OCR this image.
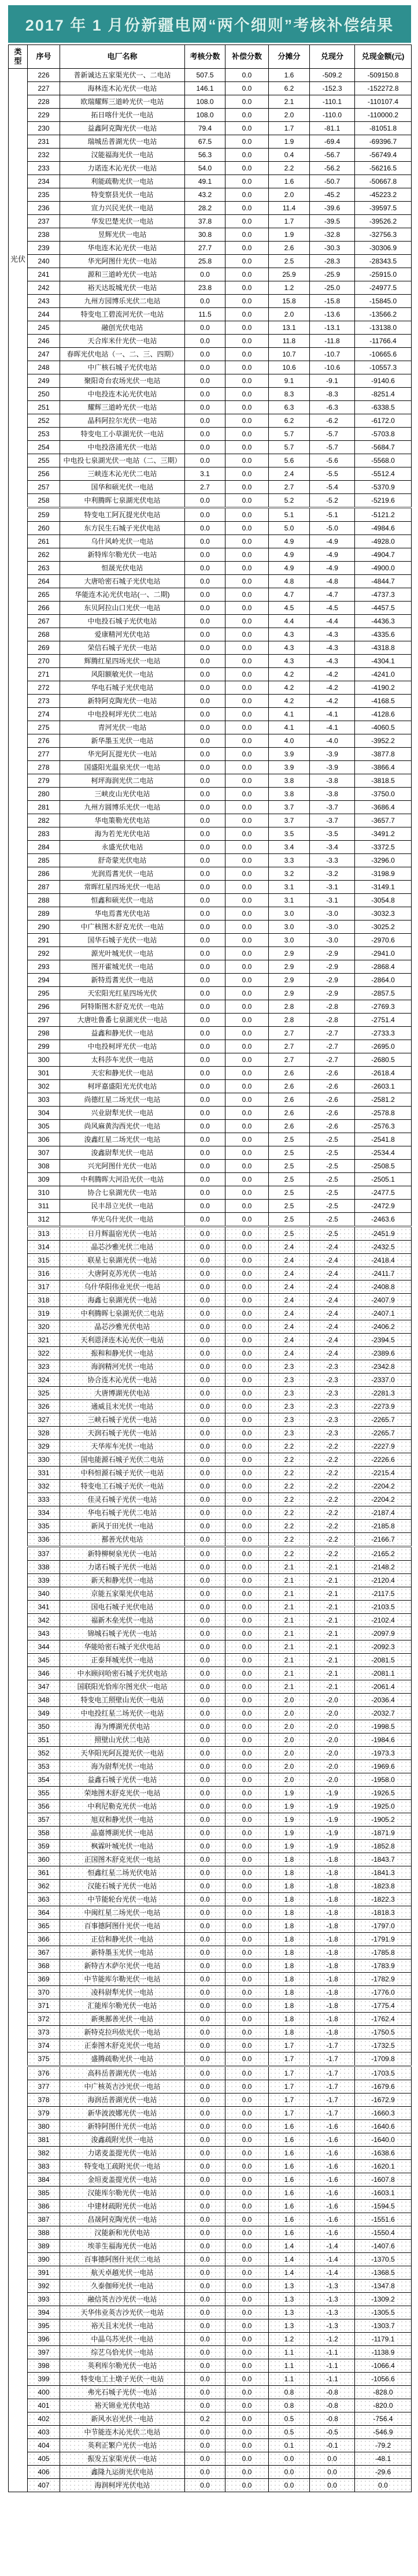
2017 年 1 月份新疆电网“两个细则”考核补偿结果
类型	序号	电厂名称	考核分数	补偿分数	分摊分	兑现分	兑现金额(元)
光伏	226	普新诚达五家渠光伏一、二电站	507.5	0.0	1.6	-509.2	-509150.8
	227	海林连木沁光伏一电站	146.1	0.0	6.2	-152.3	-152272.8
	228	欧瑞耀辉三道岭光伏一电站	108.0	0.0	2.1	-110.1	-110107.4
	229	拓日喀什光伏一电站	108.0	0.0	2.0	-110.0	-110000.2
	230	益鑫阿克陶光伏一电站	79.4	0.0	1.7	-81.1	-81051.8
	231	瑞城岳普湖光伏一电站	67.5	0.0	1.9	-69.4	-69396.7
	232	汉能福海光伏一电站	56.3	0.0	0.4	-56.7	-56749.4
	233	力诺连木沁光伏一电站	54.0	0.0	2.2	-56.2	-56216.5
	234	利能疏勒光伏一电站	49.1	0.0	1.6	-50.7	-50667.8
	235	特变察县光伏一电站	43.2	0.0	2.0	-45.2	-45223.2
	236	宣力兴民光伏一电站	28.2	0.0	11.4	-39.6	-39597.5
	237	华发巴楚光伏一电站	37.8	0.0	1.7	-39.5	-39526.2
	238	昱辉光伏一电站	30.8	0.0	1.9	-32.8	-32756.3
	239	华电连木沁光伏一电站	27.7	0.0	2.6	-30.3	-30306.9
	240	华光阿图什光伏一电站	25.8	0.0	2.5	-28.3	-28343.5
	241	源和三道岭光伏一电站	0.0	0.0	25.9	-25.9	-25915.0
	242	裕天达坂城光伏一电站	23.8	0.0	1.2	-25.0	-24977.5
	243	九州方园博乐光伏二电站	0.0	0.0	15.8	-15.8	-15845.0
	244	特变电工碧流河光伏一电站	11.5	0.0	2.0	-13.6	-13566.2
	245	融创光伏电站	0.0	0.0	13.1	-13.1	-13138.0
	246	天合库米什光伏一电站	0.0	0.0	11.8	-11.8	-11766.4
	247	春晖光伏电站（一、二、三、四期）	0.0	0.0	10.7	-10.7	-10665.6
	248	中广核石城子光伏电站	0.0	0.0	10.6	-10.6	-10557.3
	249	聚阳奇台农场光伏一电站	0.0	0.0	9.1	-9.1	-9140.6
	250	中电投连木沁光伏电站	0.0	0.0	8.3	-8.3	-8251.4
	251	耀辉三道岭光伏一电站	0.0	0.0	6.3	-6.3	-6338.5
	252	晶科阿拉尔光伏一电站	0.0	0.0	6.2	-6.2	-6172.0
	253	特变电工小草湖光伏一电站	0.0	0.0	5.7	-5.7	-5703.8
	254	中电投洛浦光伏一电站	0.0	0.0	5.7	-5.7	-5684.7
	255	中电投七泉湖光伏一电站（二、三期）	0.0	0.0	5.6	-5.6	-5568.0
	256	三峡连木沁光伏二电站	3.1	0.0	2.4	-5.5	-5512.4
	257	国华和硕光伏一电站	2.7	0.0	2.7	-5.4	-5370.9
	258	中利腾晖七泉湖光伏电站	0.0	0.0	5.2	-5.2	-5219.6
	259	特变电工阿瓦提光伏电站	0.0	0.0	5.1	-5.1	-5121.2
	260	东方民生石城子光伏电站	0.0	0.0	5.0	-5.0	-4984.6
	261	乌什风岭光伏一电站	0.0	0.0	4.9	-4.9	-4928.0
	262	新特库尔勒光伏一电站	0.0	0.0	4.9	-4.9	-4904.7
	263	恒晟光伏电站	0.0	0.0	4.9	-4.9	-4900.0
	264	大唐哈密石城子光伏电站	0.0	0.0	4.8	-4.8	-4844.7
	265	华能连木沁光伏电站(一、二期)	0.0	0.0	4.7	-4.7	-4737.3
	266	东贝阿拉山口光伏一电站	0.0	0.0	4.5	-4.5	-4457.5
	267	中电投石城子光伏电站	0.0	0.0	4.4	-4.4	-4436.3
	268	爱康精河光伏电站	0.0	0.0	4.3	-4.3	-4335.6
	269	荣信石城子光伏一电站	0.0	0.0	4.3	-4.3	-4318.8
	270	辉腾红星四场光伏一电站	0.0	0.0	4.3	-4.3	-4304.1
	271	风阳额敏光伏一电站	0.0	0.0	4.2	-4.2	-4241.0
	272	华电石城子光伏电站	0.0	0.0	4.2	-4.2	-4190.2
	273	新特阿克陶光伏一电站	0.0	0.0	4.2	-4.2	-4168.5
	274	中电投柯坪光伏二电站	0.0	0.0	4.1	-4.1	-4128.6
	275	青河光伏一电站	0.0	0.0	4.1	-4.1	-4060.5
	276	新华墨玉光伏一电站	0.0	0.0	4.0	-4.0	-3952.2
	277	华光阿瓦提光伏一电站	0.0	0.0	3.9	-3.9	-3877.8
	278	国盛阳光温泉光伏一电站	0.0	0.0	3.9	-3.9	-3866.4
	279	柯坪海润光伏二电站	0.0	0.0	3.8	-3.8	-3818.5
	280	三峡皮山光伏电站	0.0	0.0	3.8	-3.8	-3750.0
	281	九州方圆博乐光伏一电站	0.0	0.0	3.7	-3.7	-3686.4
	282	华电策勒光伏电站	0.0	0.0	3.7	-3.7	-3657.7
	283	海为若羌光伏电站	0.0	0.0	3.5	-3.5	-3491.2
	284	永盛光伏电站	0.0	0.0	3.4	-3.4	-3372.5
	285	舒奇蒙光伏电站	0.0	0.0	3.3	-3.3	-3296.0
	286	光润焉耆光伏一电站	0.0	0.0	3.2	-3.2	-3198.9
	287	常晖红星四场光伏一电站	0.0	0.0	3.1	-3.1	-3149.1
	288	恒鑫和硕光伏一电站	0.0	0.0	3.1	-3.1	-3054.8
	289	华电焉耆光伏电站	0.0	0.0	3.0	-3.0	-3032.3
	290	中广核图木舒克光伏一电站	0.0	0.0	3.0	-3.0	-3025.2
	291	国华石城子光伏一电站	0.0	0.0	3.0	-3.0	-2970.6
	292	源光叶城光伏一电站	0.0	0.0	2.9	-2.9	-2941.0
	293	图开霍城光伏一电站	0.0	0.0	2.9	-2.9	-2868.4
	294	新特焉耆光伏一电站	0.0	0.0	2.9	-2.9	-2864.0
	295	天宏阳光红星四场光伏	0.0	0.0	2.9	-2.9	-2857.5
	296	阿特斯图木舒克光伏一电站	0.0	0.0	2.8	-2.8	-2769.3
	297	大唐吐鲁番七泉湖光伏一电站	0.0	0.0	2.8	-2.8	-2751.4
	298	益鑫和静光伏一电站	0.0	0.0	2.7	-2.7	-2733.3
	299	中电投柯坪光伏一电站	0.0	0.0	2.7	-2.7	-2695.0
	300	太科莎车光伏一电站	0.0	0.0	2.7	-2.7	-2680.5
	301	天宏和静光伏一电站	0.0	0.0	2.6	-2.6	-2618.4
	302	柯坪嘉盛阳光光伏电站	0.0	0.0	2.6	-2.6	-2603.1
	303	尚德红星二场光伏一电站	0.0	0.0	2.6	-2.6	-2581.2
	304	兴业尉犁光伏一电站	0.0	0.0	2.6	-2.6	-2578.8
	305	尚风麻黄沟西光伏一电站	0.0	0.0	2.6	-2.6	-2576.3
	306	浚鑫红星二场光伏一电站	0.0	0.0	2.5	-2.5	-2541.8
	307	浚鑫尉犁光伏一电站	0.0	0.0	2.5	-2.5	-2534.4
	308	兴光阿图什光伏一电站	0.0	0.0	2.5	-2.5	-2508.5
	309	中利腾晖大河沿光伏一电站	0.0	0.0	2.5	-2.5	-2505.1
	310	协合七泉湖光伏一电站	0.0	0.0	2.5	-2.5	-2477.5
	311	民丰昂立光伏一电站	0.0	0.0	2.5	-2.5	-2472.9
	312	华光乌什光伏一电站	0.0	0.0	2.5	-2.5	-2463.6
	313	日月辉温宿光伏一电站	0.0	0.0	2.5	-2.5	-2451.9
	314	晶芯沙雅光伏二电站	0.0	0.0	2.4	-2.4	-2432.5
	315	联星七泉湖光伏一电站	0.0	0.0	2.4	-2.4	-2418.4
	316	大唐阿克苏光伏一电站	0.0	0.0	2.4	-2.4	-2411.7
	317	乌什华阳伟业光伏一电站	0.0	0.0	2.4	-2.4	-2408.8
	318	海鑫七泉湖光伏一电站	0.0	0.0	2.4	-2.4	-2407.9
	319	中利腾晖七泉湖光伏二电站	0.0	0.0	2.4	-2.4	-2407.1
	320	晶芯沙雅光伏电站	0.0	0.0	2.4	-2.4	-2406.2
	321	天利恩泽连木沁光伏一电站	0.0	0.0	2.4	-2.4	-2394.5
	322	振和和静光伏一电站	0.0	0.0	2.4	-2.4	-2389.6
	323	海润精河光伏一电站	0.0	0.0	2.3	-2.3	-2342.8
	324	协合连木沁光伏一电站	0.0	0.0	2.3	-2.3	-2337.0
	325	大唐博湖光伏电站	0.0	0.0	2.3	-2.3	-2281.3
	326	通威且末光伏一电站	0.0	0.0	2.3	-2.3	-2273.9
	327	三峡石城子光伏一电站	0.0	0.0	2.3	-2.3	-2265.7
	328	天润石城子光伏一电站	0.0	0.0	2.3	-2.3	-2265.7
	329	天华库车光伏一电站	0.0	0.0	2.2	-2.2	-2227.9
	330	国电能源石城子光伏二电站	0.0	0.0	2.2	-2.2	-2226.6
	331	中科恒源石城子光伏一电站	0.0	0.0	2.2	-2.2	-2215.4
	332	特变电工石城子光伏一电站	0.0	0.0	2.2	-2.2	-2204.2
	333	佳灵石城子光伏一电站	0.0	0.0	2.2	-2.2	-2204.2
	334	华电石城子光伏二电站	0.0	0.0	2.2	-2.2	-2187.4
	335	新风于田光伏一电站	0.0	0.0	2.2	-2.2	-2185.8
	336	鄯善光伏电站	0.0	0.0	2.2	-2.2	-2166.7
	337	新特柳树泉光伏一电站	0.0	0.0	2.2	-2.2	-2165.2
	338	力诺石城子光伏一电站	0.0	0.0	2.1	-2.1	-2148.2
	339	新天和静光伏一电站	0.0	0.0	2.1	-2.1	-2120.4
	340	京能五家渠光伏电站	0.0	0.0	2.1	-2.1	-2117.5
	341	国电石城子光伏电站	0.0	0.0	2.1	-2.1	-2103.5
	342	福新木垒光伏一电站	0.0	0.0	2.1	-2.1	-2102.4
	343	锦城石城子光伏一电站	0.0	0.0	2.1	-2.1	-2097.9
	344	华能哈密石城子光伏电站	0.0	0.0	2.1	-2.1	-2092.3
	345	正泰拜城光伏一电站	0.0	0.0	2.1	-2.1	-2081.5
	346	中水顾问哈密石城子光伏电站	0.0	0.0	2.1	-2.1	-2081.1
	347	国联阳光恰库尔图光伏一电站	0.0	0.0	2.1	-2.1	-2061.4
	348	特变电工照壁山光伏一电站	0.0	0.0	2.0	-2.0	-2036.4
	349	中电投红星二场光伏一电站	0.0	0.0	2.0	-2.0	-2032.7
	350	海为博湖光伏电站	0.0	0.0	2.0	-2.0	-1998.5
	351	照壁山光伏二电站	0.0	0.0	2.0	-2.0	-1984.6
	352	天华阳光阿瓦提光伏一电站	0.0	0.0	2.0	-2.0	-1973.3
	353	海为尉犁光伏一电站	0.0	0.0	2.0	-2.0	-1969.6
	354	益鑫石城子光伏一电站	0.0	0.0	2.0	-2.0	-1958.0
	355	荣地图木舒克光伏一电站	0.0	0.0	1.9	-1.9	-1926.5
	356	中利尼勒克光伏一电站	0.0	0.0	1.9	-1.9	-1925.0
	357	旭双和静光伏一电站	0.0	0.0	1.9	-1.9	-1905.2
	358	晶嘉博湖光伏一电站	0.0	0.0	1.9	-1.9	-1871.9
	359	枫霖叶城光伏一电站	0.0	0.0	1.9	-1.9	-1852.8
	360	正国图木舒克光伏一电站	0.0	0.0	1.8	-1.8	-1843.7
	361	恒鑫红星二场光伏电站	0.0	0.0	1.8	-1.8	-1841.3
	362	汉能石城子光伏一电站	0.0	0.0	1.8	-1.8	-1823.8
	363	中节能轮台光伏一电站	0.0	0.0	1.8	-1.8	-1822.3
	364	中闽红星二场光伏一电站	0.0	0.0	1.8	-1.8	-1818.3
	365	百事德阿图什光伏一电站	0.0	0.0	1.8	-1.8	-1797.0
	366	正信和静光伏一电站	0.0	0.0	1.8	-1.8	-1791.9
	367	新特墨玉光伏一电站	0.0	0.0	1.8	-1.8	-1785.8
	368	新特吉木萨尔光伏一电站	0.0	0.0	1.8	-1.8	-1783.9
	369	中节能库尔勒光伏一电站	0.0	0.0	1.8	-1.8	-1782.9
	370	凌科尉犁光伏一电站	0.0	0.0	1.8	-1.8	-1776.0
	371	汇能库尔勒光伏一电站	0.0	0.0	1.8	-1.8	-1775.4
	372	新奥鄯善光伏一电站	0.0	0.0	1.8	-1.8	-1762.4
	373	新特克拉玛依光伏一电站	0.0	0.0	1.8	-1.8	-1750.5
	374	正泰图木舒克光伏一电站	0.0	0.0	1.7	-1.7	-1732.5
	375	盛腾疏勒光伏一电站	0.0	0.0	1.7	-1.7	-1709.8
	376	高科岳普湖光伏一电站	0.0	0.0	1.7	-1.7	-1703.5
	377	中广核英吉沙光伏一电站	0.0	0.0	1.7	-1.7	-1679.6
	378	海润岳普湖光伏一电站	0.0	0.0	1.7	-1.7	-1672.9
	379	新华波波娜光伏一电站	0.0	0.0	1.7	-1.7	-1660.3
	380	新特阿图什光伏一电站	0.0	0.0	1.6	-1.6	-1640.6
	381	浚鑫疏附光伏一电站	0.0	0.0	1.6	-1.6	-1640.0
	382	力诺麦盖提光伏一电站	0.0	0.0	1.6	-1.6	-1638.6
	383	特变电工疏附光伏一电站	0.0	0.0	1.6	-1.6	-1620.1
	384	金垣麦盖提光伏一电站	0.0	0.0	1.6	-1.6	-1607.8
	385	汉能库尔勒光伏一电站	0.0	0.0	1.6	-1.6	-1603.1
	386	中建材疏附光伏一电站	0.0	0.0	1.6	-1.6	-1594.5
	387	昌晟阿克陶光伏一电站	0.0	0.0	1.6	-1.6	-1551.6
	388	汉能新和光伏电站	0.0	0.0	1.6	-1.6	-1550.4
	389	埃菲生福海光伏一电站	0.0	0.0	1.4	-1.4	-1407.6
	390	百事德阿图什光伏二电站	0.0	0.0	1.4	-1.4	-1370.5
	391	航天卓越光伏一电站	0.0	0.0	1.4	-1.4	-1368.5
	392	久泰伽师光伏一电站	0.0	0.0	1.3	-1.3	-1347.8
	393	融信英吉沙光伏一电站	0.0	0.0	1.3	-1.3	-1309.2
	394	天华伟业英吉沙光伏一电站	0.0	0.0	1.3	-1.3	-1305.5
	395	裕天且末光伏一电站	0.0	0.0	1.3	-1.3	-1303.7
	396	中晶乌苏光伏一电站	0.0	0.0	1.2	-1.2	-1179.1
	397	综艺乌恰光伏一电站	0.0	0.0	1.1	-1.1	-1138.9
	398	英利库尔勒光伏一电站	0.0	0.0	1.1	-1.1	-1066.4
	399	特变电工土墩子光伏一电站	0.0	0.0	1.1	-1.1	-1056.6
	400	弗光石城子光伏一电站	0.0	0.0	0.8	-0.8	-828.0
	401	裕天锦业光伏电站	0.0	0.0	0.8	-0.8	-820.0
	402	新风水岩光伏一电站	0.2	0.0	0.5	-0.8	-756.4
	403	中节能连木沁光伏二电站	0.0	0.0	0.5	-0.5	-546.9
	404	英利正繁户光伏一电站	0.0	0.0	0.1	-0.1	-79.2
	405	振发五家渠光伏一电站	0.0	0.0	0.0	0.0	-48.1
	406	鑫隆九运街光伏电站	0.0	0.0	0.0	0.0	-29.6
	407	海润柯坪光伏电站	0.0	0.0	0.0	0.0	0.0
